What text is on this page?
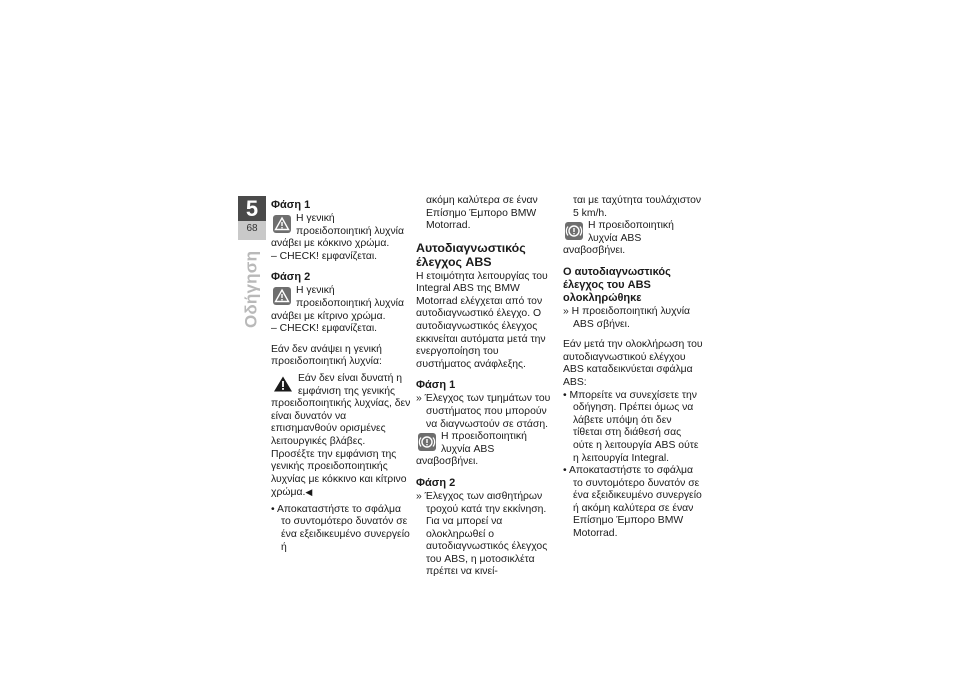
5
68
Οδήγηση

Φάση 1

Η γενική προειδοποιητική λυχνία ανάβει με κόκκινο χρώμα.

– CHECK! εμφανίζεται.

Φάση 2

Η γενική προειδοποιητική λυχνία ανάβει με κίτρινο χρώμα.

– CHECK! εμφανίζεται.

Εάν δεν ανάψει η γενική προειδοποιητική λυχνία:

Εάν δεν είναι δυνατή η εμφάνιση της γενικής προειδοποιητικής λυχνίας, δεν είναι δυνατόν να επισημανθούν ορισμένες λειτουργικές βλάβες. Προσέξτε την εμφάνιση της γενικής προειδοποιητικής λυχνίας με κόκκινο και κίτρινο χρώμα.◀

• Αποκαταστήστε το σφάλμα το συντομότερο δυνατόν σε ένα εξειδικευμένο συνεργείο ή

ακόμη καλύτερα σε έναν Επίσημο Έμπορο BMW Motorrad.

Αυτοδιαγνωστικός έλεγχος ABS

Η ετοιμότητα λειτουργίας του Integral ABS της BMW Motorrad ελέγχεται από τον αυτοδιαγνωστικό έλεγχο. Ο αυτοδιαγνωστικός έλεγχος εκκινείται αυτόματα μετά την ενεργοποίηση του συστήματος ανάφλεξης.

Φάση 1

» Έλεγχος των τμημάτων του συστήματος που μπορούν να διαγνωστούν σε στάση.

Η προειδοποιητική λυχνία ABS αναβοσβήνει.

Φάση 2

» Έλεγχος των αισθητήρων τροχού κατά την εκκίνηση. Για να μπορεί να ολοκληρωθεί ο αυτοδιαγνωστικός έλεγχος του ABS, η μοτοσικλέτα πρέπει να κινεί-

ται με ταχύτητα τουλάχιστον 5 km/h.

Η προειδοποιητική λυχνία ABS αναβοσβήνει.

Ο αυτοδιαγνωστικός έλεγχος του ABS ολοκληρώθηκε

» Η προειδοποιητική λυχνία ABS σβήνει.

Εάν μετά την ολοκλήρωση του αυτοδιαγνωστικού ελέγχου ABS καταδεικνύεται σφάλμα ABS:

• Μπορείτε να συνεχίσετε την οδήγηση. Πρέπει όμως να λάβετε υπόψη ότι δεν τίθεται στη διάθεσή σας ούτε η λειτουργία ABS ούτε η λειτουργία Integral.

• Αποκαταστήστε το σφάλμα το συντομότερο δυνατόν σε ένα εξειδικευμένο συνεργείο ή ακόμη καλύτερα σε έναν Επίσημο Έμπορο BMW Motorrad.
